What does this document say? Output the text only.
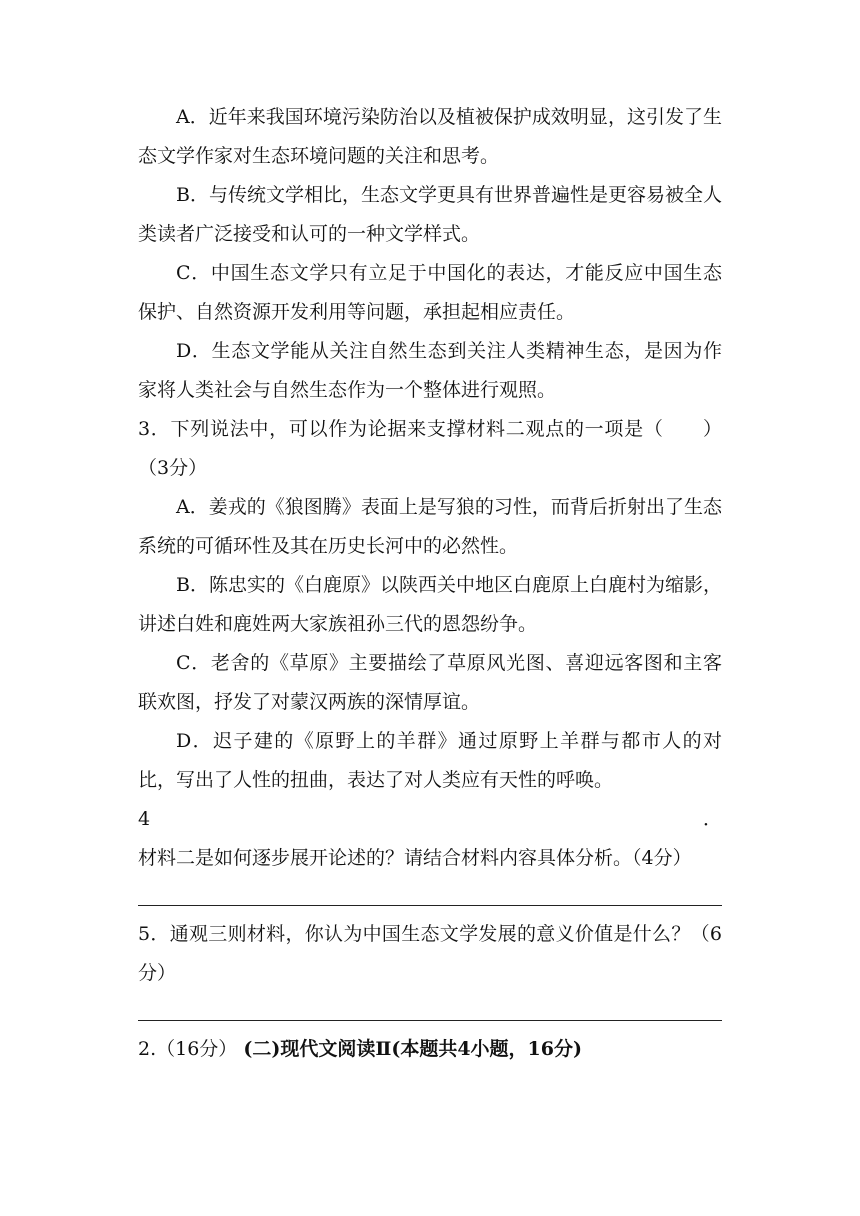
A．近年来我国环境污染防治以及植被保护成效明显，这引发了生态文学作家对生态环境问题的关注和思考。

B．与传统文学相比，生态文学更具有世界普遍性是更容易被全人类读者广泛接受和认可的一种文学样式。

C．中国生态文学只有立足于中国化的表达，才能反应中国生态保护、自然资源开发利用等问题，承担起相应责任。

D．生态文学能从关注自然生态到关注人类精神生态，是因为作家将人类社会与自然生态作为一个整体进行观照。

3．下列说法中，可以作为论据来支撑材料二观点的一项是（　　）（3分）

A．姜戎的《狼图腾》表面上是写狼的习性，而背后折射出了生态系统的可循环性及其在历史长河中的必然性。

B．陈忠实的《白鹿原》以陕西关中地区白鹿原上白鹿村为缩影，讲述白姓和鹿姓两大家族祖孙三代的恩怨纷争。

C．老舍的《草原》主要描绘了草原风光图、喜迎远客图和主客联欢图，抒发了对蒙汉两族的深情厚谊。

D．迟子建的《原野上的羊群》通过原野上羊群与都市人的对比，写出了人性的扭曲，表达了对人类应有天性的呼唤。

4．材料二是如何逐步展开论述的？请结合材料内容具体分析。（4分）

5．通观三则材料，你认为中国生态文学发展的意义价值是什么？（6分）

2.（16分） (二)现代文阅读Ⅱ(本题共4小题，16分)
